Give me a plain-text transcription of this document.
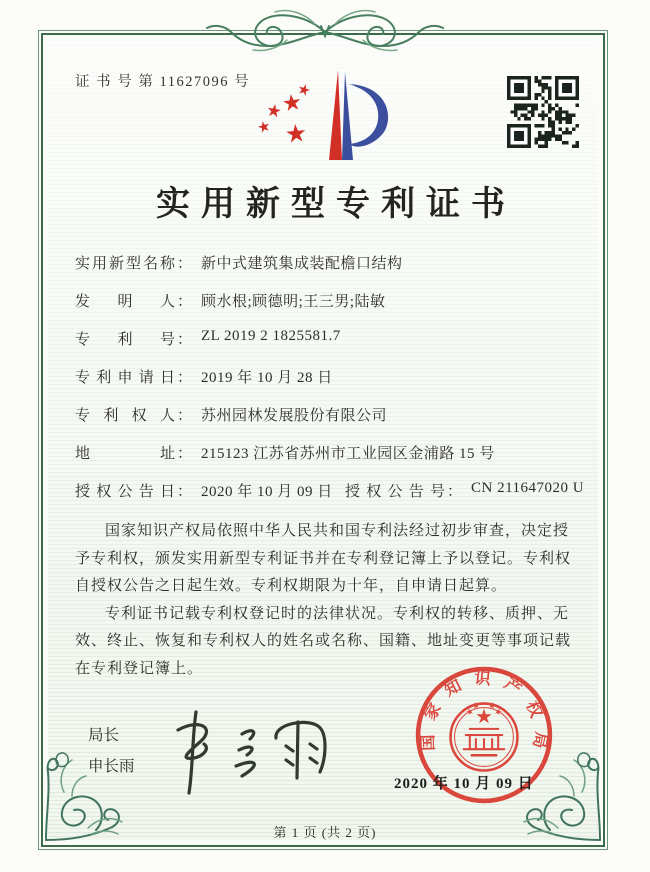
证 书 号 第 11627096 号
实用新型专利证书
实用新型名称 ： 新中式建筑集成装配檐口结构
发明人 ： 顾水根;顾德明;王三男;陆敏
专利号 ： ZL 2019 2 1825581.7
专利申请日 ： 2019 年 10 月 28 日
专利权人 ： 苏州园林发展股份有限公司
地址 ： 215123 江苏省苏州市工业园区金浦路 15 号
授权公告日 ： 2020 年 10 月 09 日 授权公告号 ： CN 211647020 U

国家知识产权局依照中华人民共和国专利法经过初步审查，决定授予专利权，颁发实用新型专利证书并在专利登记簿上予以登记。专利权自授权公告之日起生效。专利权期限为十年，自申请日起算。

专利证书记载专利权登记时的法律状况。专利权的转移、质押、无效、终止、恢复和专利权人的姓名或名称、国籍、地址变更等事项记载在专利登记簿上。

局长
申长雨
国家知识产权局
2020 年 10 月 09 日
第 1 页 (共 2 页)
